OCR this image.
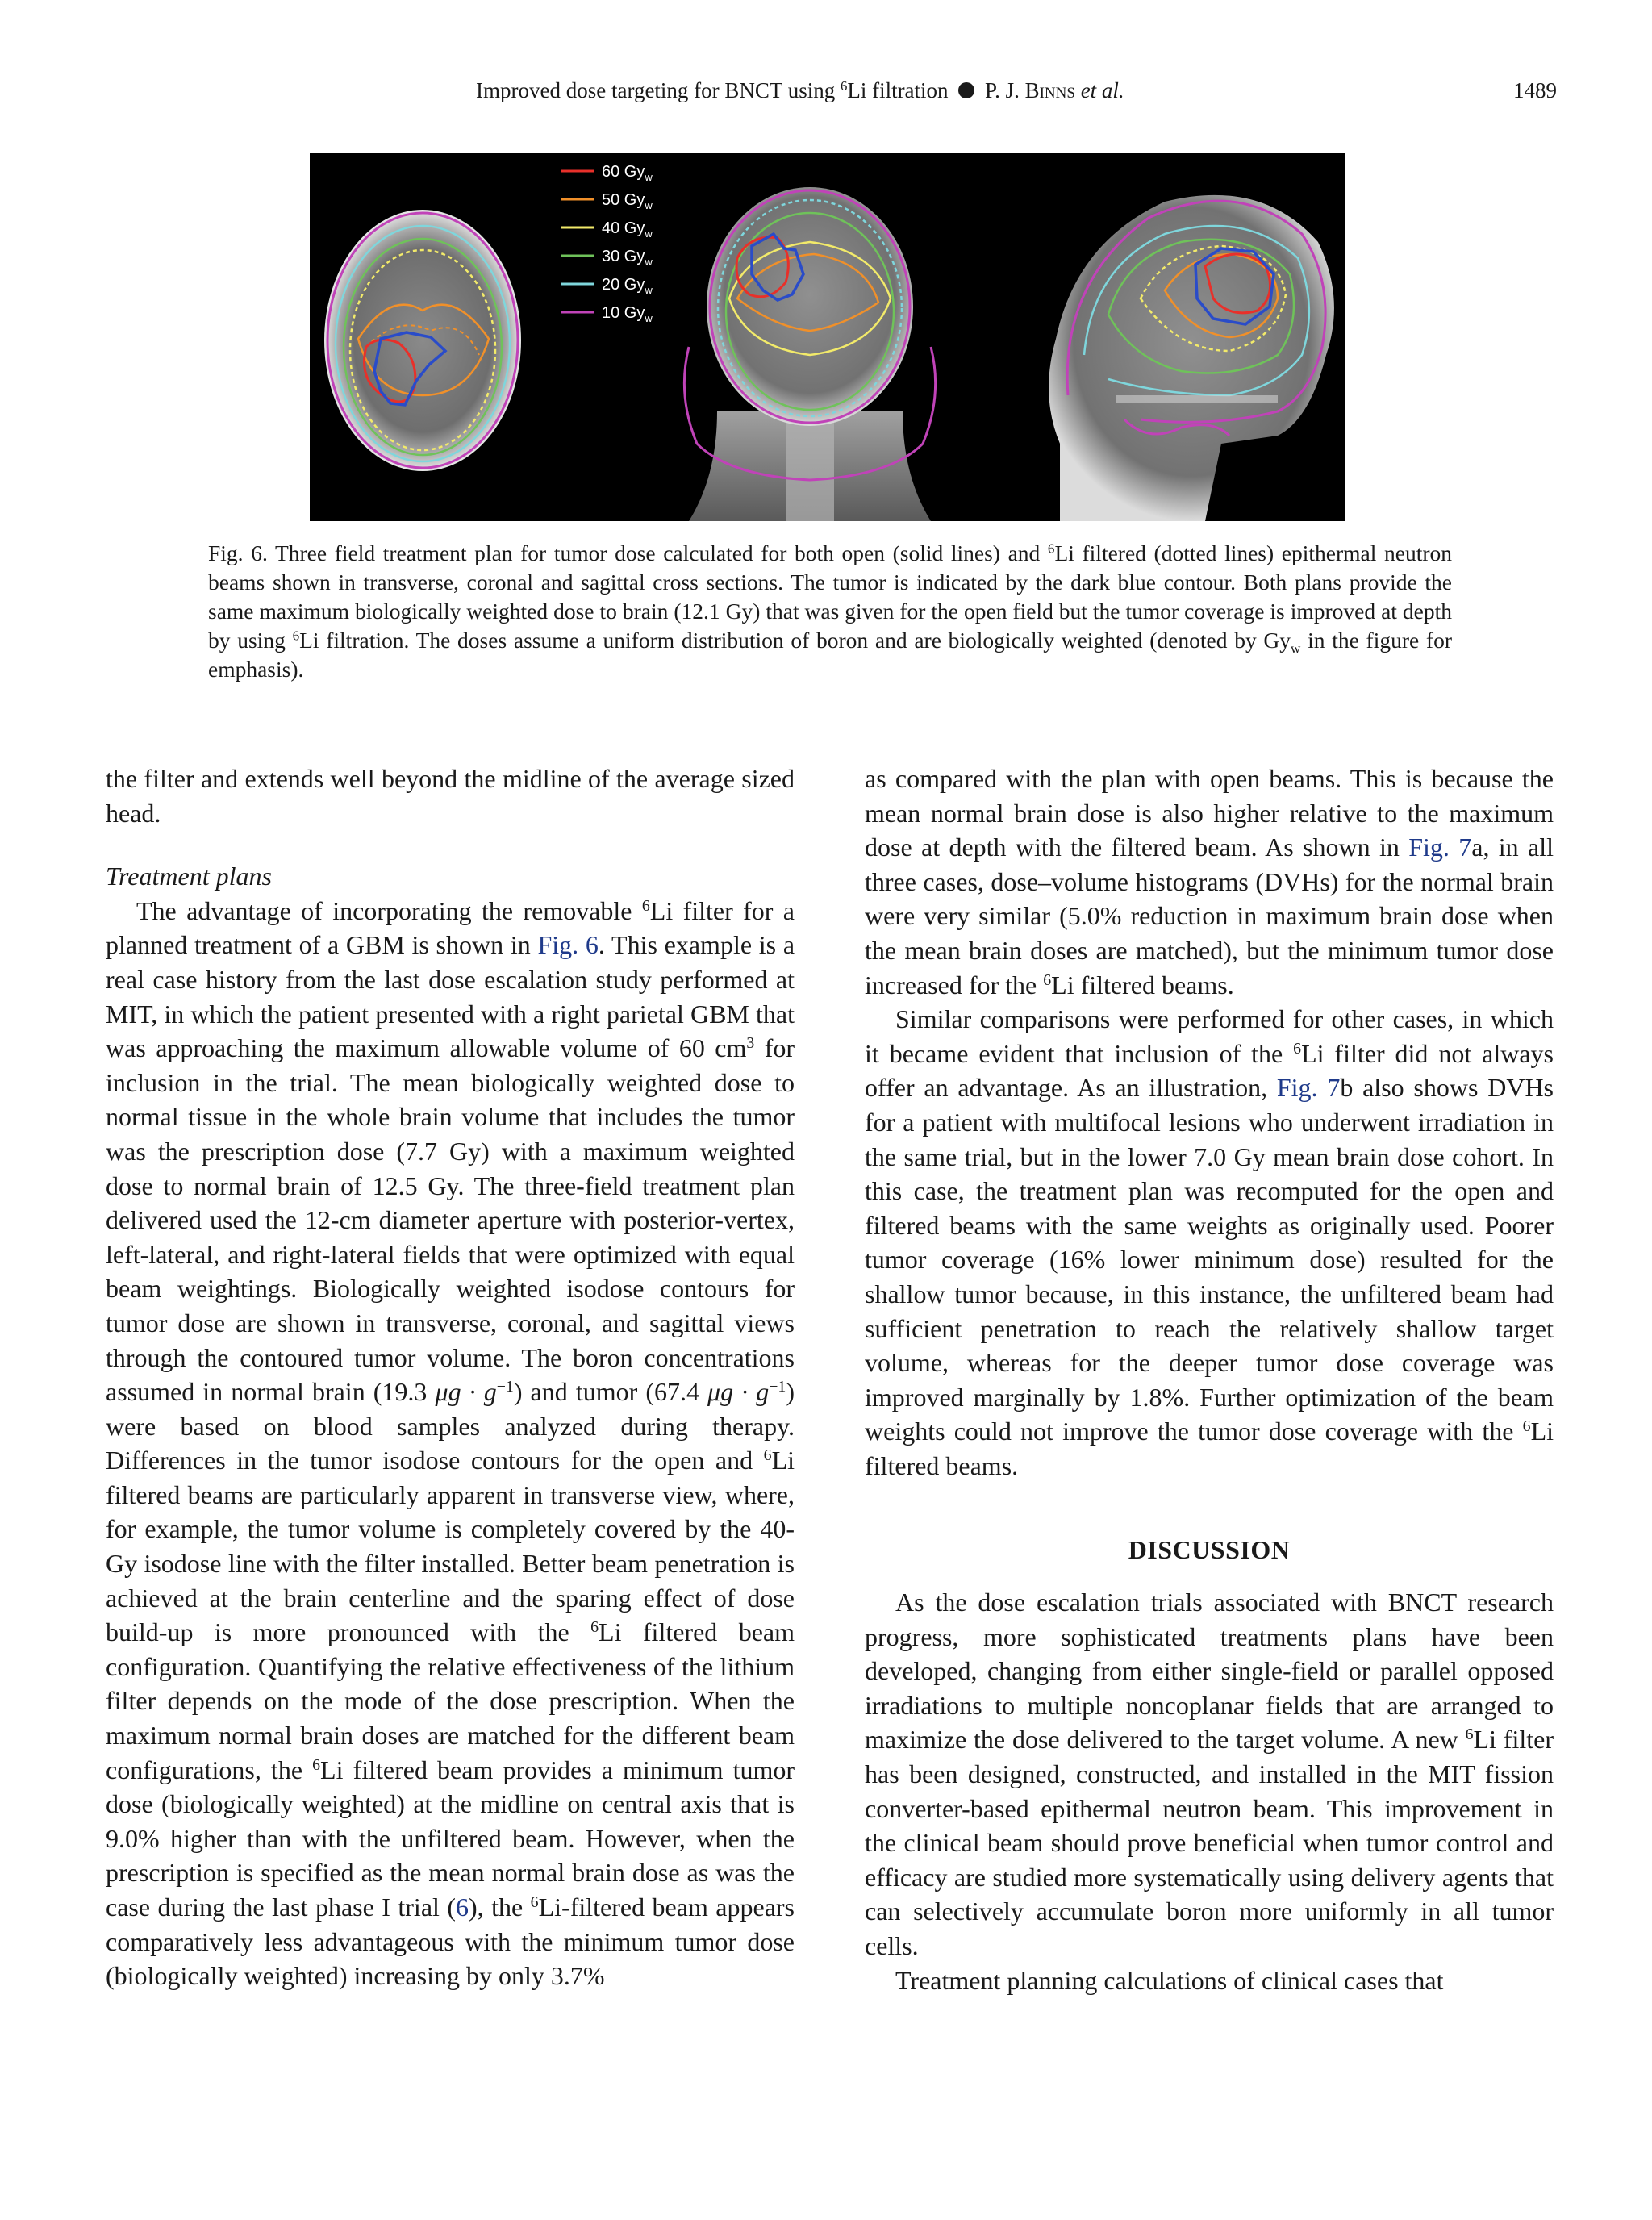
Improved dose targeting for BNCT using $^6$Li filtration P. J. Binns et al.	1489
60 $Gy_w$
50 $Gy_w$
40 $Gy_w$
30 $Gy_w$
20 $Gy_w$
10 $Gy_w$
Fig. 6. Three field treatment plan for tumor dose calculated for both open (solid lines) and $^6$Li filtered (dotted lines) epithermal neutron beams shown in transverse, coronal and sagittal cross sections. The tumor is indicated by the dark blue contour. Both plans provide the same maximum biologically weighted dose to brain (12.1 Gy) that was given for the open field but the tumor coverage is improved at depth by using $^6$Li filtration. The doses assume a uniform distribution of boron and are biologically weighted (denoted by $Gy_w$ in the figure for emphasis).

the filter and extends well beyond the midline of the average sized head.

Treatment plans

The advantage of incorporating the removable $^6$Li filter for a planned treatment of a GBM is shown in Fig. 6. This example is a real case history from the last dose escalation study performed at MIT, in which the patient presented with a right parietal GBM that was approaching the maximum allowable volume of 60 $cm^3$ for inclusion in the trial. The mean biologically weighted dose to normal tissue in the whole brain volume that includes the tumor was the prescription dose (7.7 Gy) with a maximum weighted dose to normal brain of 12.5 Gy. The three-field treatment plan delivered used the 12-cm diameter aperture with posterior-vertex, left-lateral, and right-lateral fields that were optimized with equal beam weightings. Biologically weighted isodose contours for tumor dose are shown in transverse, coronal, and sagittal views through the contoured tumor volume. The boron concentrations assumed in normal brain (19.3 $\mu g \cdot g^{-1}$) and tumor (67.4 $\mu g \cdot g^{-1}$) were based on blood samples analyzed during therapy. Differences in the tumor isodose contours for the open and $^6$Li filtered beams are particularly apparent in transverse view, where, for example, the tumor volume is completely covered by the 40-Gy isodose line with the filter installed. Better beam penetration is achieved at the brain centerline and the sparing effect of dose build-up is more pronounced with the $^6$Li filtered beam configuration. Quantifying the relative effectiveness of the lithium filter depends on the mode of the dose prescription. When the maximum normal brain doses are matched for the different beam configurations, the $^6$Li filtered beam provides a minimum tumor dose (biologically weighted) at the midline on central axis that is 9.0% higher than with the unfiltered beam. However, when the prescription is specified as the mean normal brain dose as was the case during the last phase I trial (6), the $^6$Li-filtered beam appears comparatively less advantageous with the minimum tumor dose (biologically weighted) increasing by only 3.7%

as compared with the plan with open beams. This is because the mean normal brain dose is also higher relative to the maximum dose at depth with the filtered beam. As shown in Fig. 7a, in all three cases, dose–volume histograms (DVHs) for the normal brain were very similar (5.0% reduction in maximum brain dose when the mean brain doses are matched), but the minimum tumor dose increased for the $^6$Li filtered beams.

Similar comparisons were performed for other cases, in which it became evident that inclusion of the $^6$Li filter did not always offer an advantage. As an illustration, Fig. 7b also shows DVHs for a patient with multifocal lesions who underwent irradiation in the same trial, but in the lower 7.0 Gy mean brain dose cohort. In this case, the treatment plan was recomputed for the open and filtered beams with the same weights as originally used. Poorer tumor coverage (16% lower minimum dose) resulted for the shallow tumor because, in this instance, the unfiltered beam had sufficient penetration to reach the relatively shallow target volume, whereas for the deeper tumor dose coverage was improved marginally by 1.8%. Further optimization of the beam weights could not improve the tumor dose coverage with the $^6$Li filtered beams.

DISCUSSION

As the dose escalation trials associated with BNCT research progress, more sophisticated treatments plans have been developed, changing from either single-field or parallel opposed irradiations to multiple noncoplanar fields that are arranged to maximize the dose delivered to the target volume. A new $^6$Li filter has been designed, constructed, and installed in the MIT fission converter-based epithermal neutron beam. This improvement in the clinical beam should prove beneficial when tumor control and efficacy are studied more systematically using delivery agents that can selectively accumulate boron more uniformly in all tumor cells.

Treatment planning calculations of clinical cases that
